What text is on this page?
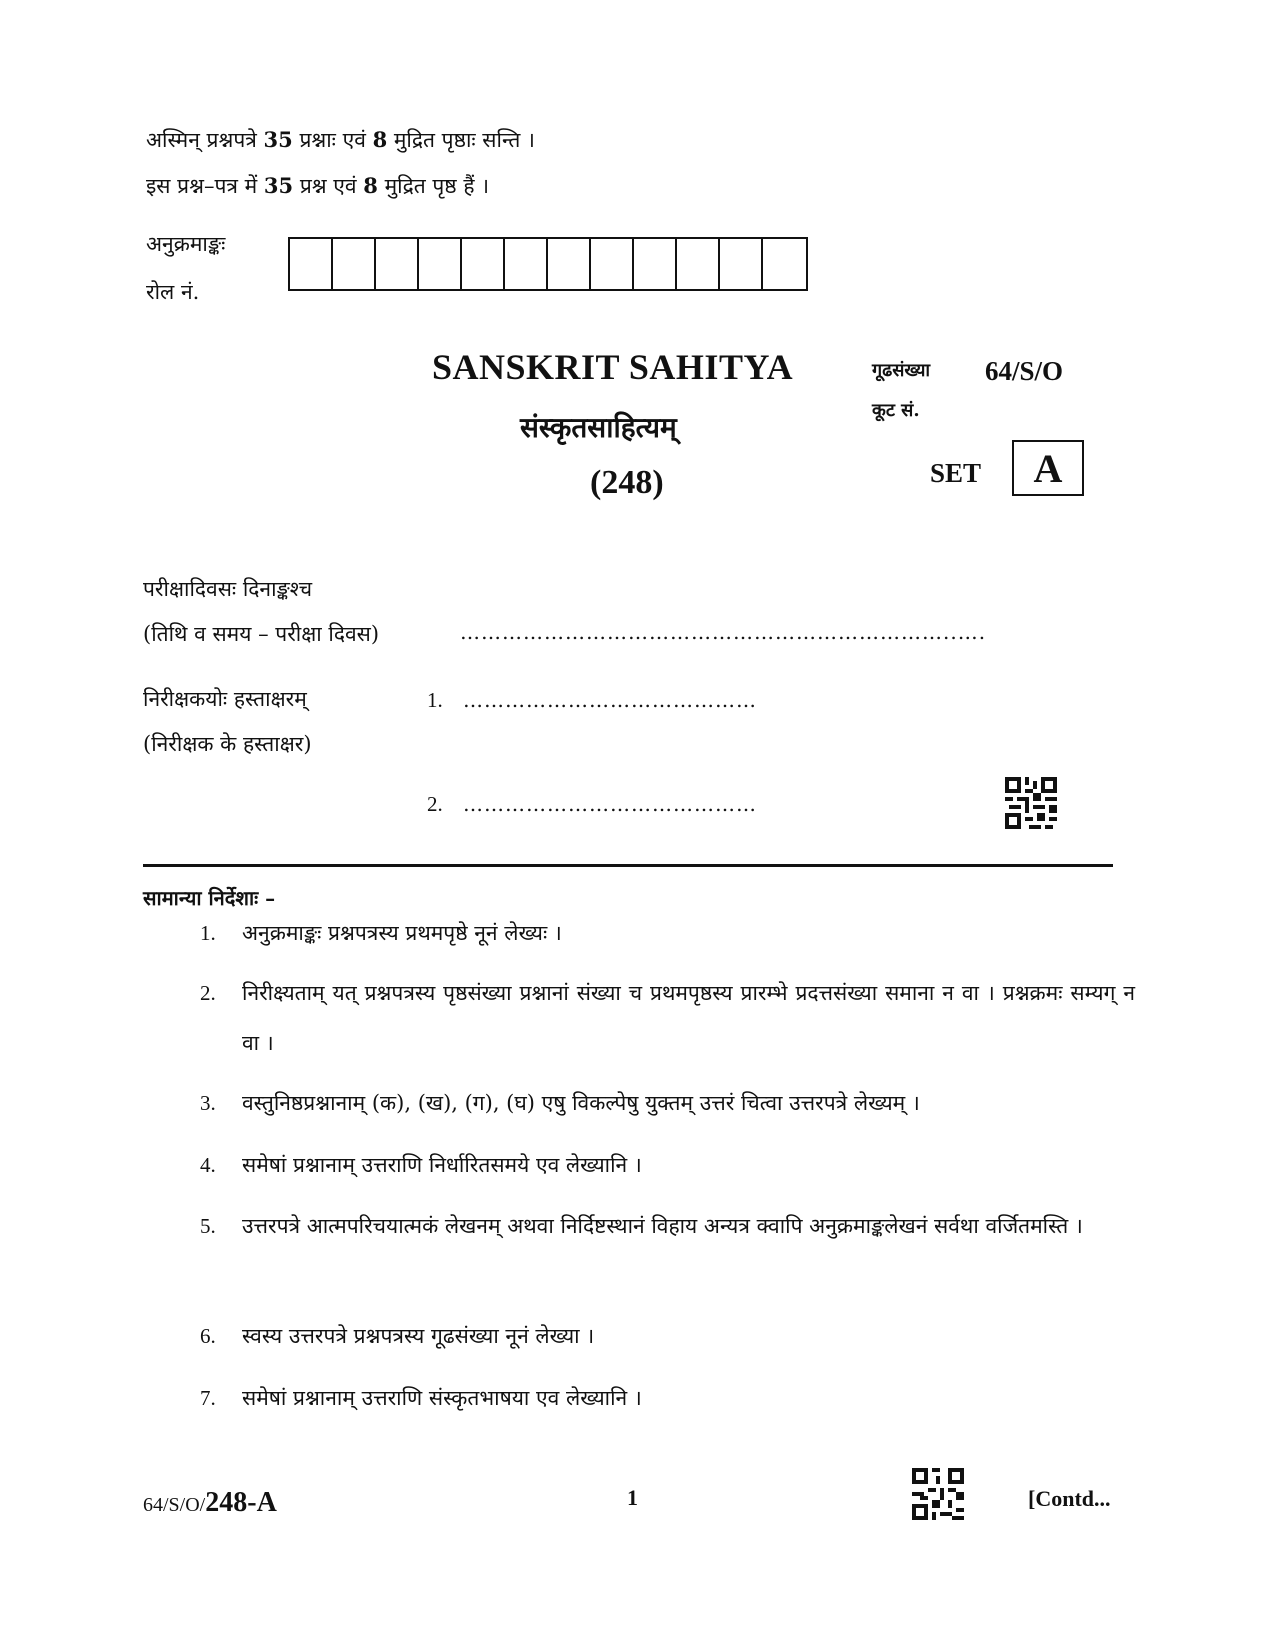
अस्मिन् प्रश्नपत्रे 35 प्रश्नाः एवं 8 मुद्रित पृष्ठाः सन्ति ।
इस प्रश्न–पत्र में 35 प्रश्न एवं 8 मुद्रित पृष्ठ हैं ।
अनुक्रमाङ्कः
रोल नं.
SANSKRIT SAHITYA
संस्कृतसाहित्यम्
(248)
गूढसंख्या
कूट सं.
64/S/O
SET	A
परीक्षादिवसः दिनाङ्कश्च
(तिथि व समय – परीक्षा दिवस)	……………………………………………………………..….
निरीक्षकयोः हस्ताक्षरम्
(निरीक्षक के हस्ताक्षर)
1. ……………………………………
2. ……………………………………
सामान्या निर्देशाः –
1. अनुक्रमाङ्कः प्रश्नपत्रस्य प्रथमपृष्ठे नूनं लेख्यः ।
2. निरीक्ष्यताम् यत् प्रश्नपत्रस्य पृष्ठसंख्या प्रश्नानां संख्या च प्रथमपृष्ठस्य प्रारम्भे प्रदत्तसंख्या समाना न वा । प्रश्नक्रमः सम्यग् न वा ।
3. वस्तुनिष्ठप्रश्नानाम् (क), (ख), (ग), (घ) एषु विकल्पेषु युक्तम् उत्तरं चित्वा उत्तरपत्रे लेख्यम् ।
4. समेषां प्रश्नानाम् उत्तराणि निर्धारितसमये एव लेख्यानि ।
5. उत्तरपत्रे आत्मपरिचयात्मकं लेखनम् अथवा निर्दिष्टस्थानं विहाय अन्यत्र क्वापि अनुक्रमाङ्कलेखनं सर्वथा वर्जितमस्ति ।
6. स्वस्य उत्तरपत्रे प्रश्नपत्रस्य गूढसंख्या नूनं लेख्या ।
7. समेषां प्रश्नानाम् उत्तराणि संस्कृतभाषया एव लेख्यानि ।
64/S/O/248-A	1	[Contd...
